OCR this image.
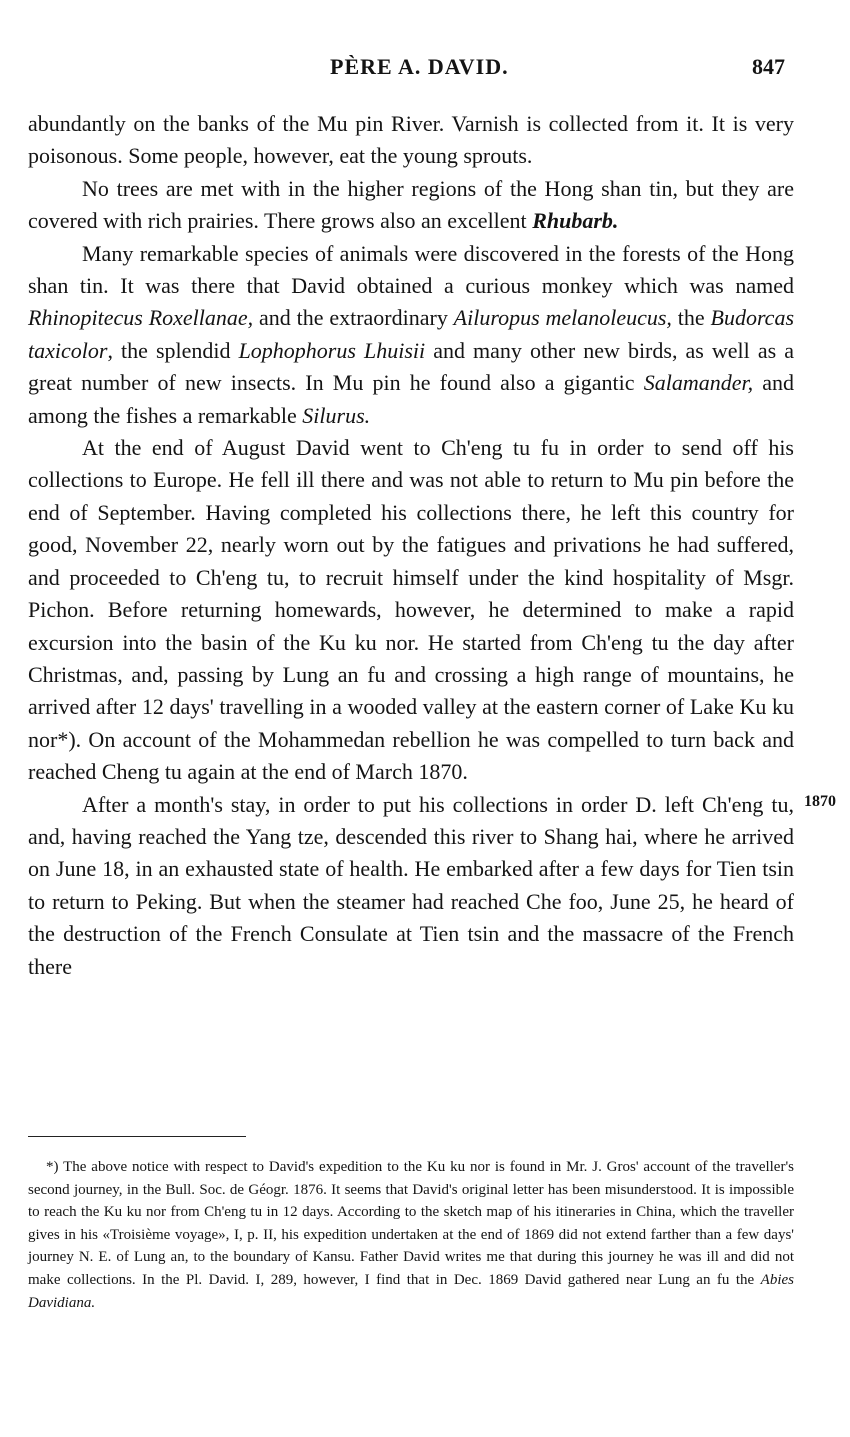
PÈRE A. DAVID.	847

abundantly on the banks of the Mu pin River. Varnish is collected from it. It is very poisonous. Some people, however, eat the young sprouts.

No trees are met with in the higher regions of the Hong shan tin, but they are covered with rich prairies. There grows also an excellent Rhubarb.

Many remarkable species of animals were discovered in the forests of the Hong shan tin. It was there that David obtained a curious monkey which was named Rhinopitecus Roxellanae, and the extraordinary Ailuropus melanoleucus, the Budorcas taxicolor, the splendid Lophophorus Lhuisii and many other new birds, as well as a great number of new insects. In Mu pin he found also a gigantic Salamander, and among the fishes a remarkable Silurus.

At the end of August David went to Ch'eng tu fu in order to send off his collections to Europe. He fell ill there and was not able to return to Mu pin before the end of September. Having completed his collections there, he left this country for good, November 22, nearly worn out by the fatigues and privations he had suffered, and proceeded to Ch'eng tu, to recruit himself under the kind hospitality of Msgr. Pichon. Before returning homewards, however, he determined to make a rapid excursion into the basin of the Ku ku nor. He started from Ch'eng tu the day after Christmas, and, passing by Lung an fu and crossing a high range of mountains, he arrived after 12 days' travelling in a wooded valley at the eastern corner of Lake Ku ku nor*). On account of the Mohammedan rebellion he was compelled to turn back and reached Cheng tu again at the end of March 1870.

After a month's stay, in order to put his collections in order D. left Ch'eng tu, and, having reached the Yang tze, descended this river to Shang hai, where he arrived on June 18, in an exhausted state of health. He embarked after a few days for Tien tsin to return to Peking. But when the steamer had reached Che foo, June 25, he heard of the destruction of the French Consulate at Tien tsin and the massacre of the French there

1870

*) The above notice with respect to David's expedition to the Ku ku nor is found in Mr. J. Gros' account of the traveller's second journey, in the Bull. Soc. de Géogr. 1876. It seems that David's original letter has been misunderstood. It is impossible to reach the Ku ku nor from Ch'eng tu in 12 days. According to the sketch map of his itineraries in China, which the traveller gives in his «Troisième voyage», I, p. II, his expedition undertaken at the end of 1869 did not extend farther than a few days' journey N. E. of Lung an, to the boundary of Kansu. Father David writes me that during this journey he was ill and did not make collections. In the Pl. David. I, 289, however, I find that in Dec. 1869 David gathered near Lung an fu the Abies Davidiana.
